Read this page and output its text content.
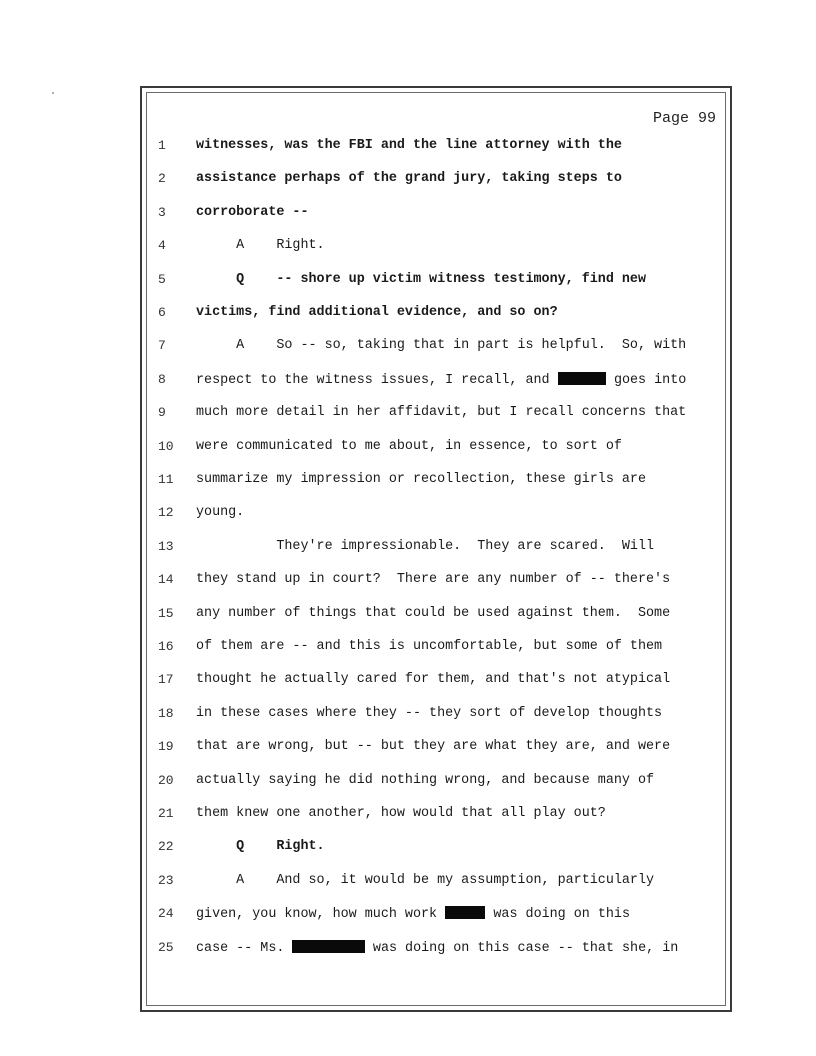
Page 99
1 witnesses, was the FBI and the line attorney with the
2 assistance perhaps of the grand jury, taking steps to
3 corroborate --
4 A    Right.
5 Q    -- shore up victim witness testimony, find new
6 victims, find additional evidence, and so on?
7 A    So -- so, taking that in part is helpful.  So, with
8 respect to the witness issues, I recall, and	goes into
9 much more detail in her affidavit, but I recall concerns that
10 were communicated to me about, in essence, to sort of
11 summarize my impression or recollection, these girls are
12 young.
13 They're impressionable.  They are scared.  Will
14 they stand up in court?  There are any number of -- there's
15 any number of things that could be used against them.  Some
16 of them are -- and this is uncomfortable, but some of them
17 thought he actually cared for them, and that's not atypical
18 in these cases where they -- they sort of develop thoughts
19 that are wrong, but -- but they are what they are, and were
20 actually saying he did nothing wrong, and because many of
21 them knew one another, how would that all play out?
22 Q    Right.
23 A    And so, it would be my assumption, particularly
24 given, you know, how much work	was doing on this
25 case -- Ms.	was doing on this case -- that she, in
